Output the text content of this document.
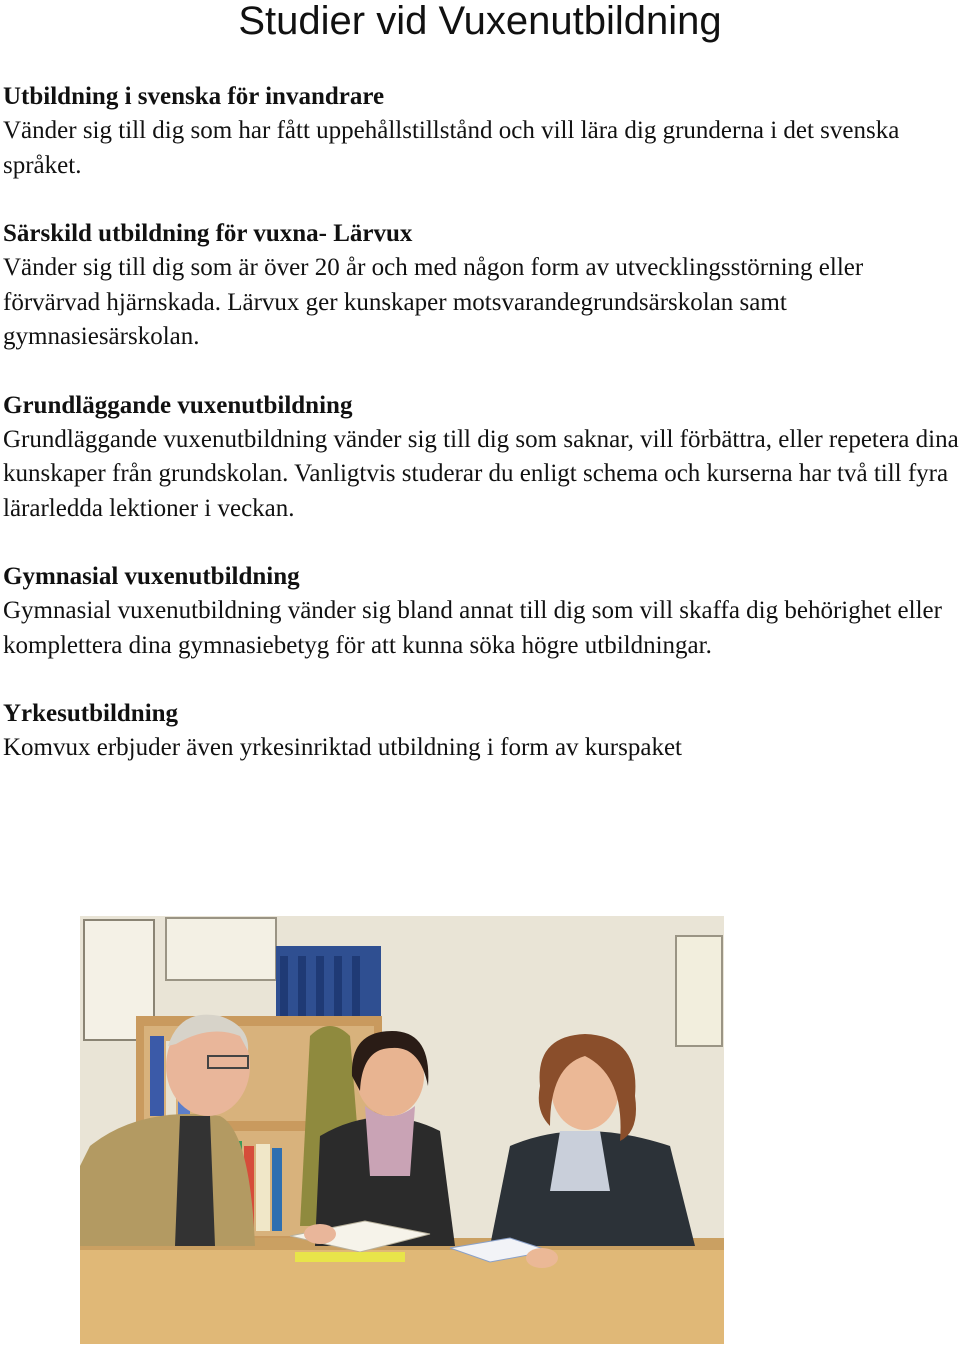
Studier vid Vuxenutbildning

Utbildning i svenska för invandrare

Vänder sig till dig som har fått uppehållstillstånd och vill lära dig grunderna i det svenska språket.

Särskild utbildning för vuxna- Lärvux

Vänder sig till dig som är över 20 år och med någon form av utvecklingsstörning eller förvärvad hjärnskada. Lärvux ger kunskaper motsvarandegrundsärskolan samt gymnasiesärskolan.

Grundläggande vuxenutbildning

Grundläggande vuxenutbildning vänder sig till dig som saknar, vill förbättra, eller repetera dina kunskaper från grundskolan. Vanligtvis studerar du enligt schema och kurserna har två till fyra lärarledda lektioner i veckan.

Gymnasial vuxenutbildning

Gymnasial vuxenutbildning vänder sig bland annat till dig som vill skaffa dig behörighet eller komplettera dina gymnasiebetyg för att kunna söka högre utbildningar.

Yrkesutbildning

Komvux erbjuder även yrkesinriktad utbildning i form av kurspaket
